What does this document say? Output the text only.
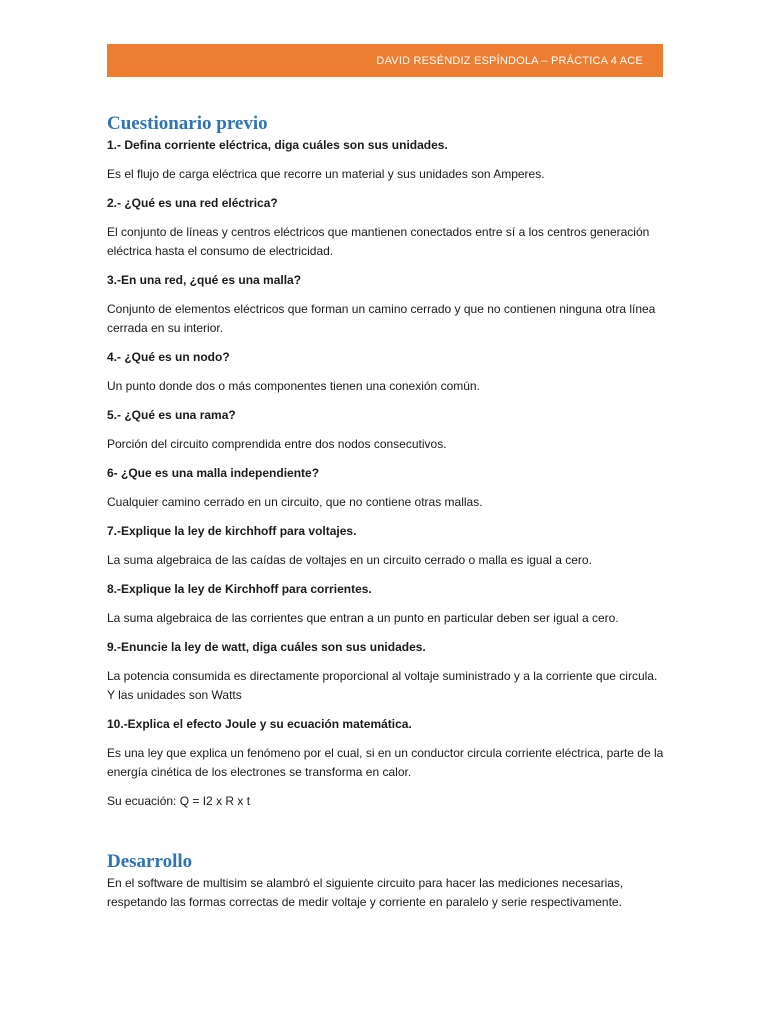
DAVID RESÉNDIZ ESPÍNDOLA – PRÁCTICA 4 ACE
Cuestionario previo

1.- Defina corriente eléctrica, diga cuáles son sus unidades.

Es el flujo de carga eléctrica que recorre un material y sus unidades son Amperes.

2.- ¿Qué es una red eléctrica?

El conjunto de líneas y centros eléctricos que mantienen conectados entre sí a los centros generación eléctrica hasta el consumo de electricidad.

3.-En una red, ¿qué es una malla?

Conjunto de elementos eléctricos que forman un camino cerrado y que no contienen ninguna otra línea cerrada en su interior.

4.- ¿Qué es un nodo?

Un punto donde dos o más componentes tienen una conexión común.

5.- ¿Qué es una rama?

Porción del circuito comprendida entre dos nodos consecutivos.

6- ¿Que es una malla independiente?

Cualquier camino cerrado en un circuito, que no contiene otras mallas.

7.-Explique la ley de kirchhoff para voltajes.

La suma algebraica de las caídas de voltajes en un circuito cerrado o malla es igual a cero.

8.-Explique la ley de Kirchhoff para corrientes.

La suma algebraica de las corrientes que entran a un punto en particular deben ser igual a cero.

9.-Enuncie la ley de watt, diga cuáles son sus unidades.

La potencia consumida es directamente proporcional al voltaje suministrado y a la corriente que circula. Y las unidades son Watts

10.-Explica el efecto Joule y su ecuación matemática.

Es una ley que explica un fenómeno por el cual, si en un conductor circula corriente eléctrica, parte de la energía cinética de los electrones se transforma en calor.

Su ecuación: Q = I2 x R x t

Desarrollo

En el software de multisim se alambró el siguiente circuito para hacer las mediciones necesarias, respetando las formas correctas de medir voltaje y corriente en paralelo y serie respectivamente.
